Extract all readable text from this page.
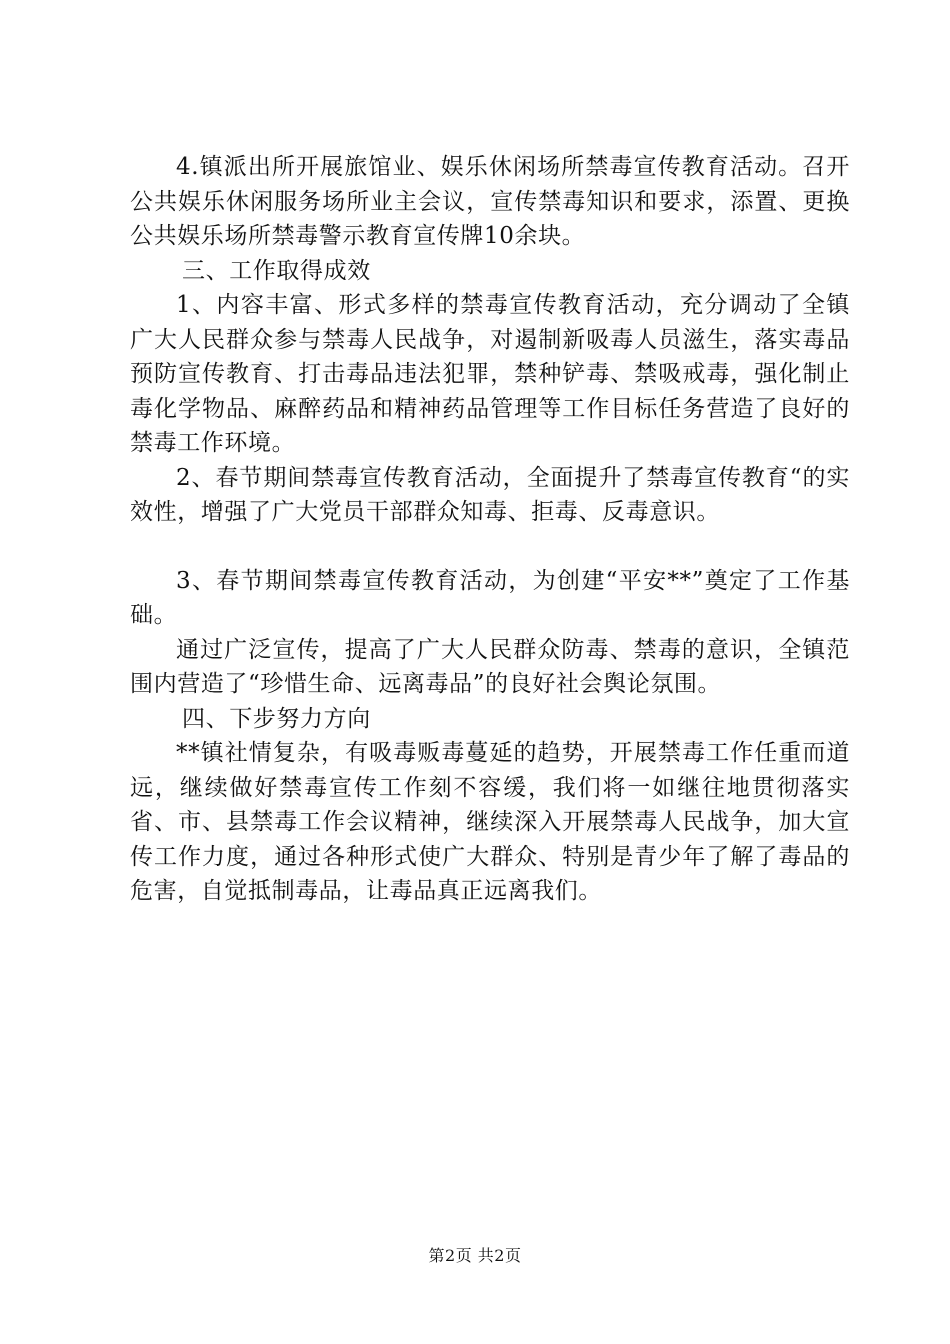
4.镇派出所开展旅馆业、娱乐休闲场所禁毒宣传教育活动。召开公共娱乐休闲服务场所业主会议，宣传禁毒知识和要求，添置、更换公共娱乐场所禁毒警示教育宣传牌10余块。

三、工作取得成效

1、内容丰富、形式多样的禁毒宣传教育活动，充分调动了全镇广大人民群众参与禁毒人民战争，对遏制新吸毒人员滋生，落实毒品预防宣传教育、打击毒品违法犯罪，禁种铲毒、禁吸戒毒，强化制止毒化学物品、麻醉药品和精神药品管理等工作目标任务营造了良好的禁毒工作环境。

2、春节期间禁毒宣传教育活动，全面提升了禁毒宣传教育“的实效性，增强了广大党员干部群众知毒、拒毒、反毒意识。

3、春节期间禁毒宣传教育活动，为创建“平安**”奠定了工作基础。

通过广泛宣传，提高了广大人民群众防毒、禁毒的意识，全镇范围内营造了“珍惜生命、远离毒品”的良好社会舆论氛围。

四、下步努力方向

**镇社情复杂，有吸毒贩毒蔓延的趋势，开展禁毒工作任重而道远，继续做好禁毒宣传工作刻不容缓，我们将一如继往地贯彻落实省、市、县禁毒工作会议精神，继续深入开展禁毒人民战争，加大宣传工作力度，通过各种形式使广大群众、特别是青少年了解了毒品的危害，自觉抵制毒品，让毒品真正远离我们。

第2页 共2页
